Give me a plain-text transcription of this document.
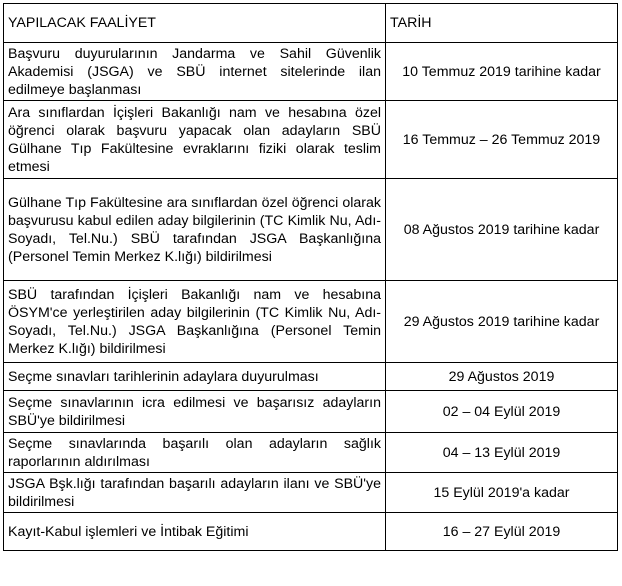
YAPILACAK FAALİYET	TARİH
Başvuru duyurularının Jandarma ve Sahil Güvenlik Akademisi (JSGA) ve SBÜ internet sitelerinde ilan edilmeye başlanması	10 Temmuz 2019 tarihine kadar
Ara sınıflardan İçişleri Bakanlığı nam ve hesabına özel öğrenci olarak başvuru yapacak olan adayların SBÜ Gülhane Tıp Fakültesine evraklarını fiziki olarak teslim etmesi	16 Temmuz – 26 Temmuz 2019
Gülhane Tıp Fakültesine ara sınıflardan özel öğrenci olarak başvurusu kabul edilen aday bilgilerinin (TC Kimlik Nu, Adı-Soyadı, Tel.Nu.) SBÜ tarafından JSGA Başkanlığına (Personel Temin Merkez K.lığı) bildirilmesi	08 Ağustos 2019 tarihine kadar
SBÜ tarafından İçişleri Bakanlığı nam ve hesabına ÖSYM'ce yerleştirilen aday bilgilerinin (TC Kimlik Nu, Adı-Soyadı, Tel.Nu.) JSGA Başkanlığına (Personel Temin Merkez K.lığı) bildirilmesi	29 Ağustos 2019 tarihine kadar
Seçme sınavları tarihlerinin adaylara duyurulması	29 Ağustos 2019
Seçme sınavlarının icra edilmesi ve başarısız adayların SBÜ'ye bildirilmesi	02 – 04 Eylül 2019
Seçme sınavlarında başarılı olan adayların sağlık raporlarının aldırılması	04 – 13 Eylül 2019
JSGA Bşk.lığı tarafından başarılı adayların ilanı ve SBÜ'ye bildirilmesi	15 Eylül 2019'a kadar
Kayıt-Kabul işlemleri ve İntibak Eğitimi	16 – 27 Eylül 2019
